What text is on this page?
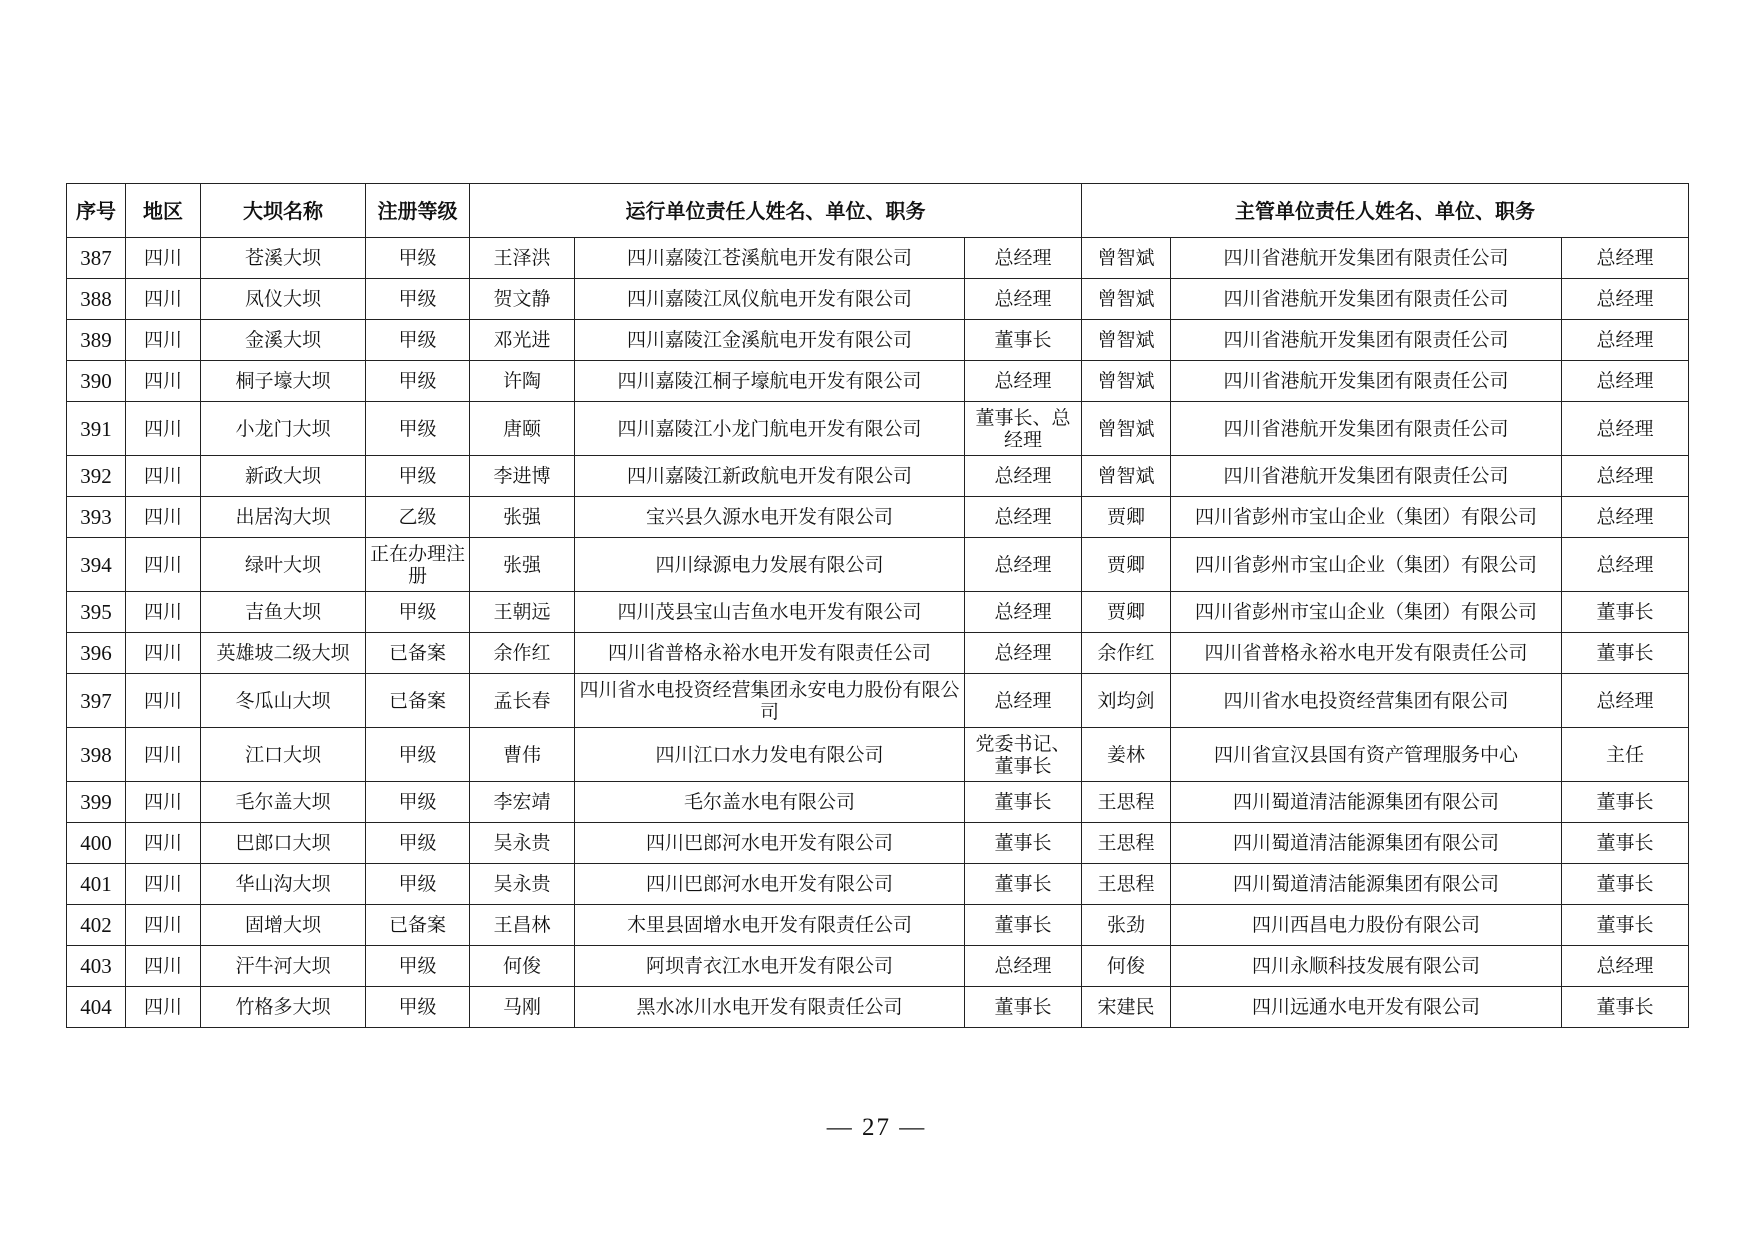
序号	地区	大坝名称	注册等级	运行单位责任人姓名、单位、职务			主管单位责任人姓名、单位、职务		
387	四川	苍溪大坝	甲级	王泽洪	四川嘉陵江苍溪航电开发有限公司	总经理	曾智斌	四川省港航开发集团有限责任公司	总经理
388	四川	凤仪大坝	甲级	贺文静	四川嘉陵江凤仪航电开发有限公司	总经理	曾智斌	四川省港航开发集团有限责任公司	总经理
389	四川	金溪大坝	甲级	邓光进	四川嘉陵江金溪航电开发有限公司	董事长	曾智斌	四川省港航开发集团有限责任公司	总经理
390	四川	桐子壕大坝	甲级	许陶	四川嘉陵江桐子壕航电开发有限公司	总经理	曾智斌	四川省港航开发集团有限责任公司	总经理
391	四川	小龙门大坝	甲级	唐颐	四川嘉陵江小龙门航电开发有限公司	董事长、总经理	曾智斌	四川省港航开发集团有限责任公司	总经理
392	四川	新政大坝	甲级	李进博	四川嘉陵江新政航电开发有限公司	总经理	曾智斌	四川省港航开发集团有限责任公司	总经理
393	四川	出居沟大坝	乙级	张强	宝兴县久源水电开发有限公司	总经理	贾卿	四川省彭州市宝山企业（集团）有限公司	总经理
394	四川	绿叶大坝	正在办理注册	张强	四川绿源电力发展有限公司	总经理	贾卿	四川省彭州市宝山企业（集团）有限公司	总经理
395	四川	吉鱼大坝	甲级	王朝远	四川茂县宝山吉鱼水电开发有限公司	总经理	贾卿	四川省彭州市宝山企业（集团）有限公司	董事长
396	四川	英雄坡二级大坝	已备案	余作红	四川省普格永裕水电开发有限责任公司	总经理	余作红	四川省普格永裕水电开发有限责任公司	董事长
397	四川	冬瓜山大坝	已备案	孟长春	四川省水电投资经营集团永安电力股份有限公司	总经理	刘均剑	四川省水电投资经营集团有限公司	总经理
398	四川	江口大坝	甲级	曹伟	四川江口水力发电有限公司	党委书记、董事长	姜林	四川省宣汉县国有资产管理服务中心	主任
399	四川	毛尔盖大坝	甲级	李宏靖	毛尔盖水电有限公司	董事长	王思程	四川蜀道清洁能源集团有限公司	董事长
400	四川	巴郎口大坝	甲级	吴永贵	四川巴郎河水电开发有限公司	董事长	王思程	四川蜀道清洁能源集团有限公司	董事长
401	四川	华山沟大坝	甲级	吴永贵	四川巴郎河水电开发有限公司	董事长	王思程	四川蜀道清洁能源集团有限公司	董事长
402	四川	固增大坝	已备案	王昌林	木里县固增水电开发有限责任公司	董事长	张劲	四川西昌电力股份有限公司	董事长
403	四川	汗牛河大坝	甲级	何俊	阿坝青衣江水电开发有限公司	总经理	何俊	四川永顺科技发展有限公司	总经理
404	四川	竹格多大坝	甲级	马刚	黑水冰川水电开发有限责任公司	董事长	宋建民	四川远通水电开发有限公司	董事长
— 27 —
